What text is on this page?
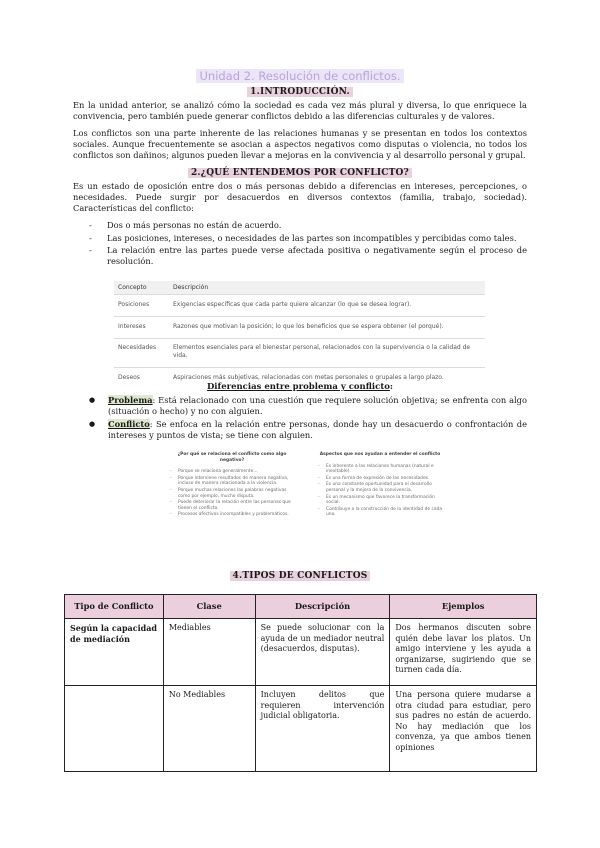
Unidad 2. Resolución de conflictos.
1.INTRODUCCIÓN.

En la unidad anterior, se analizó cómo la sociedad es cada vez más plural y diversa, lo que enriquece la convivencia, pero también puede generar conflictos debido a las diferencias culturales y de valores.

Los conflictos son una parte inherente de las relaciones humanas y se presentan en todos los contextos sociales. Aunque frecuentemente se asocian a aspectos negativos como disputas o violencia, no todos los conflictos son dañinos; algunos pueden llevar a mejoras en la convivencia y al desarrollo personal y grupal.

2.¿QUÉ ENTENDEMOS POR CONFLICTO?

Es un estado de oposición entre dos o más personas debido a diferencias en intereses, percepciones, o necesidades. Puede surgir por desacuerdos en diversos contextos (familia, trabajo, sociedad). Características del conflicto:

- Dos o más personas no están de acuerdo.
- Las posiciones, intereses, o necesidades de las partes son incompatibles y percibidas como tales.
- La relación entre las partes puede verse afectada positiva o negativamente según el proceso de resolución.
Concepto	Descripción
Posiciones	Exigencias específicas que cada parte quiere alcanzar (lo que se desea lograr).
Intereses	Razones que motivan la posición; lo que los beneficios que se espera obtener (el porqué).
Necesidades	Elementos esenciales para el bienestar personal, relacionados con la supervivencia o la calidad de vida.
Deseos	Aspiraciones más subjetivas, relacionadas con metas personales o grupales a largo plazo.
Diferencias entre problema y conflicto:
● Problema: Está relacionado con una cuestión que requiere solución objetiva; se enfrenta con algo (situación o hecho) y no con alguien.
● Conflicto: Se enfoca en la relación entre personas, donde hay un desacuerdo o confrontación de intereses y puntos de vista; se tiene con alguien.
¿Por qué se relaciona el conflicto como algo negativo?
- Porque se relaciona generalmente...
- Porque interviene resultados de manera negativa, incluso de manera relacionada a la violencia.
- Porque muchas relaciones las palabras negativas como por ejemplo, mucho disputa.
- Puede deteriorar la relación entre las personas que tienen el conflicto.
- Procesos afectivos incompatibles y problemáticos.
Aspectos que nos ayudan a entender el conflicto
- Es inherente a las relaciones humanas (natural e inevitable).
- Es una forma de expresión de las necesidades.
- Es una constante oportunidad para el desarrollo personal y la mejora de la convivencia.
- Es un mecanismo que favorece la transformación social.
- Contribuye a la construcción de la identidad de cada uno.
4.TIPOS DE CONFLICTOS
Tipo de Conflicto	Clase	Descripción	Ejemplos
Según la capacidad de mediación	Mediables	Se puede solucionar con la ayuda de un mediador neutral (desacuerdos, disputas).	Dos hermanos discuten sobre quién debe lavar los platos. Un amigo interviene y les ayuda a organizarse, sugiriendo que se turnen cada día.
	No Mediables	Incluyen delitos que requieren intervención judicial obligatoria.	Una persona quiere mudarse a otra ciudad para estudiar, pero sus padres no están de acuerdo. No hay mediación que los convenza, ya que ambos tienen opiniones
